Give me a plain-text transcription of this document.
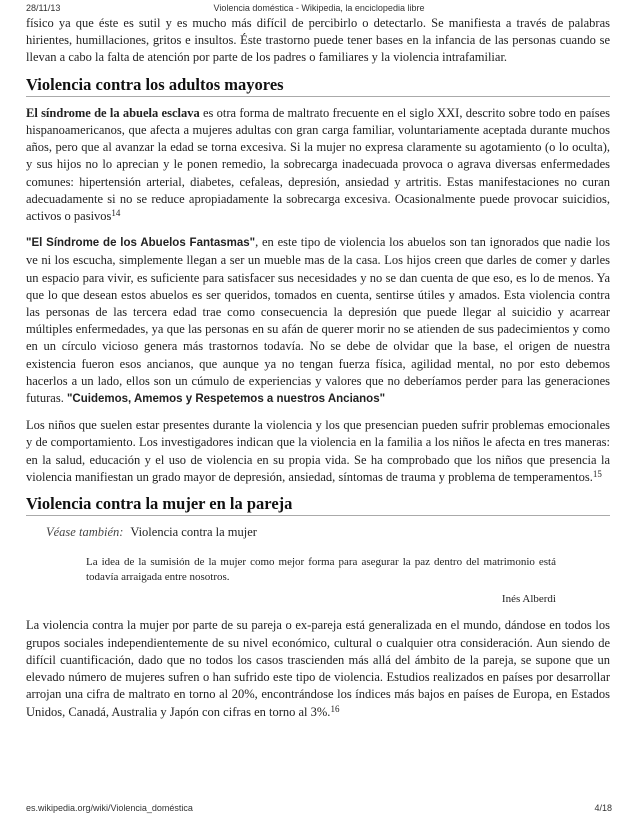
28/11/13	Violencia doméstica - Wikipedia, la enciclopedia libre

físico ya que éste es sutil y es mucho más difícil de percibirlo o detectarlo. Se manifiesta a través de palabras hirientes, humillaciones, gritos e insultos. Éste trastorno puede tener bases en la infancia de las personas cuando se llevan a cabo la falta de atención por parte de los padres o familiares y la violencia intrafamiliar.

Violencia contra los adultos mayores

El síndrome de la abuela esclava es otra forma de maltrato frecuente en el siglo XXI, descrito sobre todo en países hispanoamericanos, que afecta a mujeres adultas con gran carga familiar, voluntariamente aceptada durante muchos años, pero que al avanzar la edad se torna excesiva. Si la mujer no expresa claramente su agotamiento (o lo oculta), y sus hijos no lo aprecian y le ponen remedio, la sobrecarga inadecuada provoca o agrava diversas enfermedades comunes: hipertensión arterial, diabetes, cefaleas, depresión, ansiedad y artritis. Estas manifestaciones no curan adecuadamente si no se reduce apropiadamente la sobrecarga excesiva. Ocasionalmente puede provocar suicidios, activos o pasivos$^{14}$

"El Síndrome de los Abuelos Fantasmas", en este tipo de violencia los abuelos son tan ignorados que nadie los ve ni los escucha, simplemente llegan a ser un mueble mas de la casa. Los hijos creen que darles de comer y darles un espacio para vivir, es suficiente para satisfacer sus necesidades y no se dan cuenta de que eso, es lo de menos. Ya que lo que desean estos abuelos es ser queridos, tomados en cuenta, sentirse útiles y amados. Esta violencia contra las personas de las tercera edad trae como consecuencia la depresión que puede llegar al suicidio y acarrear múltiples enfermedades, ya que las personas en su afán de querer morir no se atienden de sus padecimientos y como en un círculo vicioso genera más trastornos todavía. No se debe de olvidar que la base, el origen de nuestra existencia fueron esos ancianos, que aunque ya no tengan fuerza física, agilidad mental, no por esto debemos hacerlos a un lado, ellos son un cúmulo de experiencias y valores que no deberíamos perder para las generaciones futuras. "Cuidemos, Amemos y Respetemos a nuestros Ancianos"

Los niños que suelen estar presentes durante la violencia y los que presencian pueden sufrir problemas emocionales y de comportamiento. Los investigadores indican que la violencia en la familia a los niños le afecta en tres maneras: en la salud, educación y el uso de violencia en su propia vida. Se ha comprobado que los niños que presencia la violencia manifiestan un grado mayor de depresión, ansiedad, síntomas de trauma y problema de temperamentos.$^{15}$

Violencia contra la mujer en la pareja
Véase también: Violencia contra la mujer

La idea de la sumisión de la mujer como mejor forma para asegurar la paz dentro del matrimonio está todavía arraigada entre nosotros.

Inés Alberdi

La violencia contra la mujer por parte de su pareja o ex-pareja está generalizada en el mundo, dándose en todos los grupos sociales independientemente de su nivel económico, cultural o cualquier otra consideración. Aun siendo de difícil cuantificación, dado que no todos los casos trascienden más allá del ámbito de la pareja, se supone que un elevado número de mujeres sufren o han sufrido este tipo de violencia. Estudios realizados en países por desarrollar arrojan una cifra de maltrato en torno al 20%, encontrándose los índices más bajos en países de Europa, en Estados Unidos, Canadá, Australia y Japón con cifras en torno al 3%.$^{16}$

es.wikipedia.org/wiki/Violencia_doméstica	4/18
